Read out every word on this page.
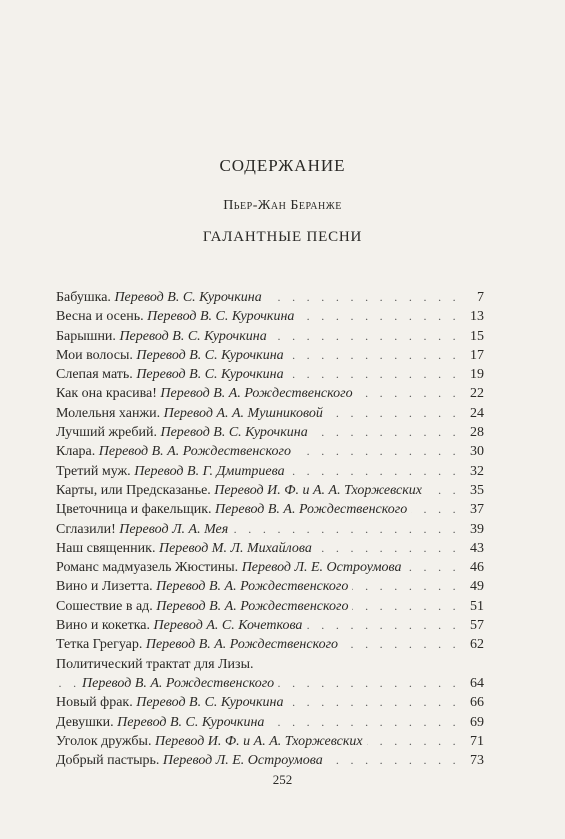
СОДЕРЖАНИЕ
Пьер-Жан Беранже
ГАЛАНТНЫЕ ПЕСНИ
. . .
Бабушка. Перевод В. С. Курочкина	7
. . .
Весна и осень. Перевод В. С. Курочкина	13
. . .
Барышни. Перевод В. С. Курочкина	15
. . .
Мои волосы. Перевод В. С. Курочкина	17
. . .
Слепая мать. Перевод В. С. Курочкина	19
. . .
Как она красива! Перевод В. А. Рождественского	22
. . .
Молельня ханжи. Перевод А. А. Мушниковой	24
. . .
Лучший жребий. Перевод В. С. Курочкина	28
. . .
Клара. Перевод В. А. Рождественского	30
. . .
Третий муж. Перевод В. Г. Дмитриева	32
. . .
Карты, или Предсказанье. Перевод И. Ф. и А. А. Тхоржевских	35
. . .
Цветочница и факельщик. Перевод В. А. Рождественского	37
. . .
Сглазили! Перевод Л. А. Мея	39
. . .
Наш священник. Перевод М. Л. Михайлова	43
. . .
Романс мадмуазель Жюстины. Перевод Л. Е. Остроумова	46
. . .
Вино и Лизетта. Перевод В. А. Рождественского	49
. . .
Сошествие в ад. Перевод В. А. Рождественского	51
. . .
Вино и кокетка. Перевод А. С. Кочеткова	57
. . .
Тетка Грегуар. Перевод В. А. Рождественского	62
Политический трактат для Лизы.
. . .
Перевод В. А. Рождественского	64
. . .
Новый фрак. Перевод В. С. Курочкина	66
. . .
Девушки. Перевод В. С. Курочкина	69
. . .
Уголок дружбы. Перевод И. Ф. и А. А. Тхоржевских	71
. . .
Добрый пастырь. Перевод Л. Е. Остроумова	73
252
